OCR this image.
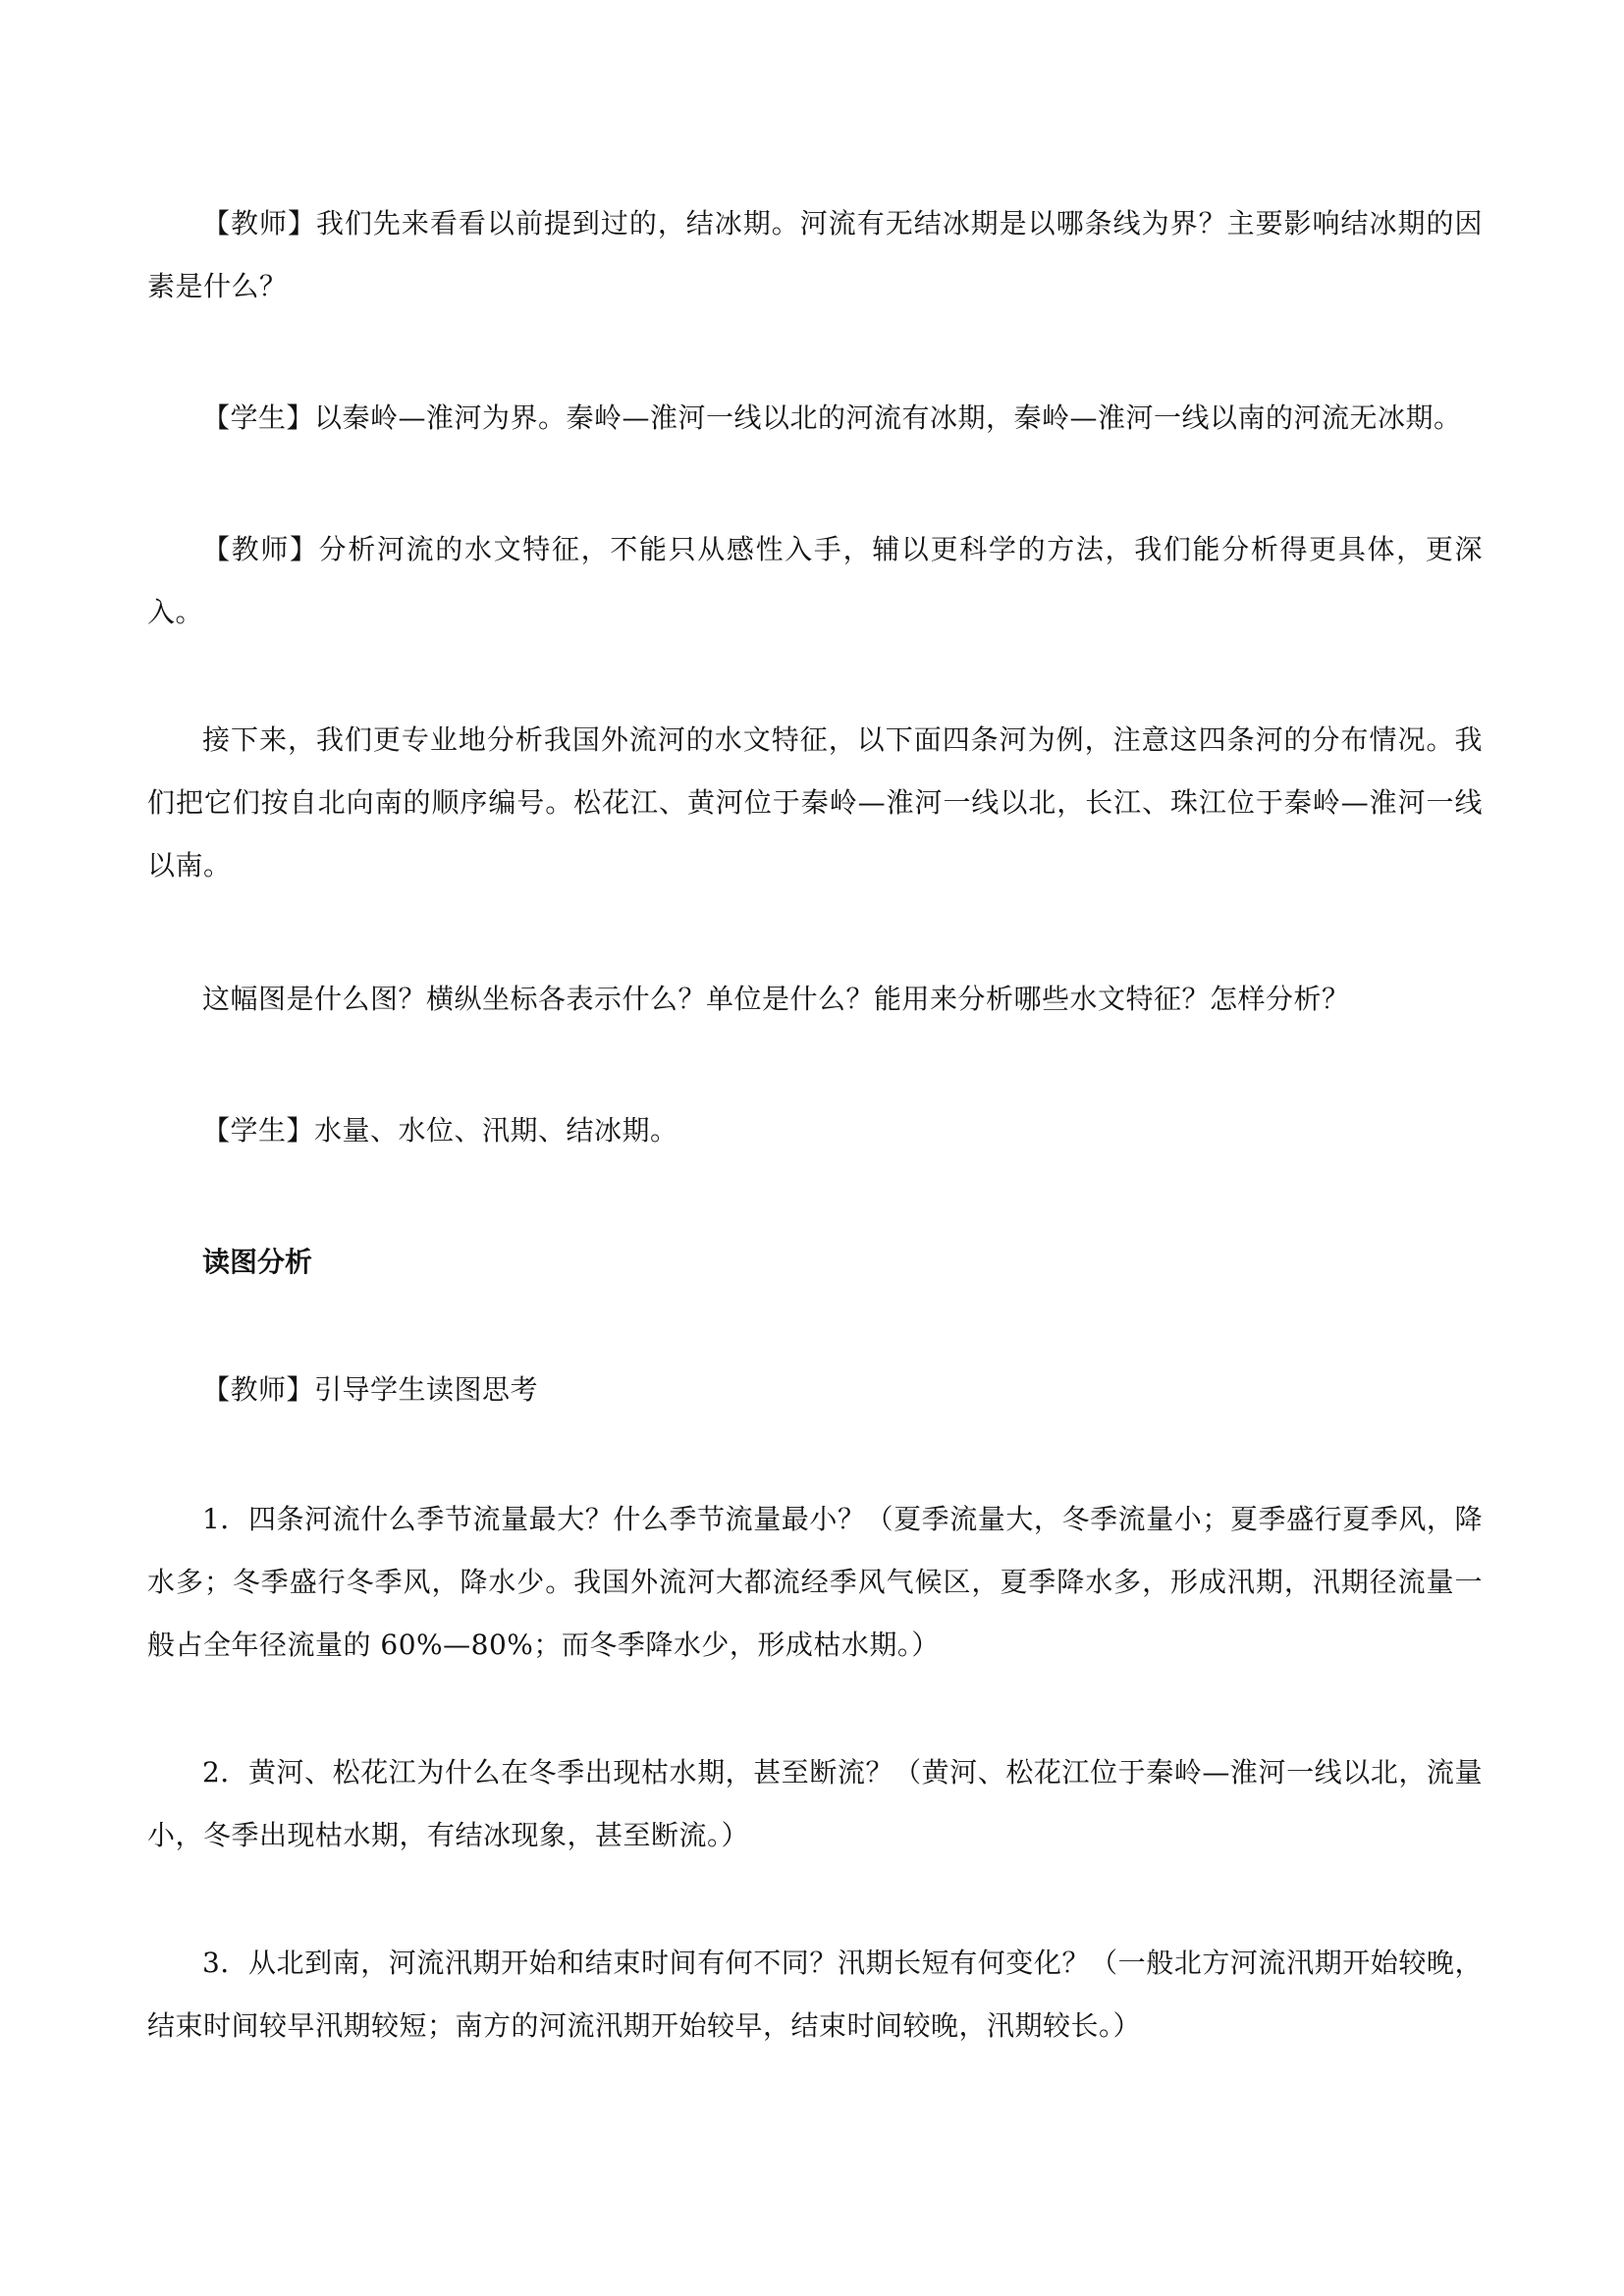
【教师】我们先来看看以前提到过的，结冰期。河流有无结冰期是以哪条线为界？主要影响结冰期的因素是什么？

【学生】以秦岭—淮河为界。秦岭—淮河一线以北的河流有冰期，秦岭—淮河一线以南的河流无冰期。

【教师】分析河流的水文特征，不能只从感性入手，辅以更科学的方法，我们能分析得更具体，更深入。

接下来，我们更专业地分析我国外流河的水文特征，以下面四条河为例，注意这四条河的分布情况。我们把它们按自北向南的顺序编号。松花江、黄河位于秦岭—淮河一线以北，长江、珠江位于秦岭—淮河一线以南。

这幅图是什么图？横纵坐标各表示什么？单位是什么？能用来分析哪些水文特征？怎样分析？

【学生】水量、水位、汛期、结冰期。

读图分析

【教师】引导学生读图思考

1．四条河流什么季节流量最大？什么季节流量最小？（夏季流量大，冬季流量小；夏季盛行夏季风，降水多；冬季盛行冬季风，降水少。我国外流河大都流经季风气候区，夏季降水多，形成汛期，汛期径流量一般占全年径流量的 60%—80%；而冬季降水少，形成枯水期。）

2．黄河、松花江为什么在冬季出现枯水期，甚至断流？（黄河、松花江位于秦岭—淮河一线以北，流量小，冬季出现枯水期，有结冰现象，甚至断流。）

3．从北到南，河流汛期开始和结束时间有何不同？汛期长短有何变化？（一般北方河流汛期开始较晚，结束时间较早汛期较短；南方的河流汛期开始较早，结束时间较晚，汛期较长。）
